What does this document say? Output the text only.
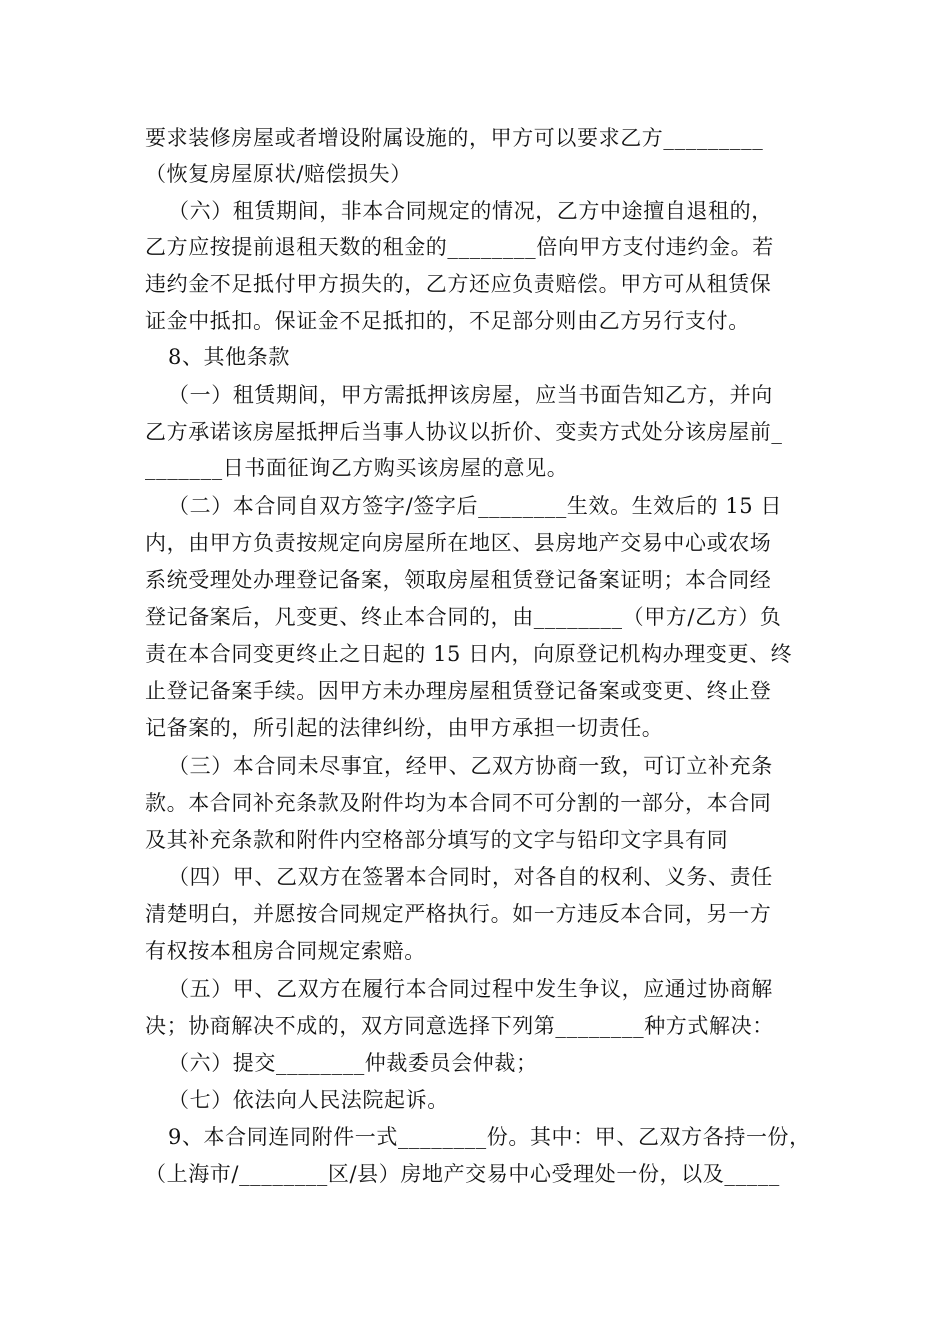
要求装修房屋或者增设附属设施的，甲方可以要求乙方_________
（恢复房屋原状/赔偿损失）
（六）租赁期间，非本合同规定的情况，乙方中途擅自退租的，
乙方应按提前退租天数的租金的________倍向甲方支付违约金。若
违约金不足抵付甲方损失的，乙方还应负责赔偿。甲方可从租赁保
证金中抵扣。保证金不足抵扣的，不足部分则由乙方另行支付。
8、其他条款
（一）租赁期间，甲方需抵押该房屋，应当书面告知乙方，并向
乙方承诺该房屋抵押后当事人协议以折价、变卖方式处分该房屋前_
_______日书面征询乙方购买该房屋的意见。
（二）本合同自双方签字/签字后________生效。生效后的 15 日
内，由甲方负责按规定向房屋所在地区、县房地产交易中心或农场
系统受理处办理登记备案，领取房屋租赁登记备案证明；本合同经
登记备案后，凡变更、终止本合同的，由________（甲方/乙方）负
责在本合同变更终止之日起的 15 日内，向原登记机构办理变更、终
止登记备案手续。因甲方未办理房屋租赁登记备案或变更、终止登
记备案的，所引起的法律纠纷，由甲方承担一切责任。
（三）本合同未尽事宜，经甲、乙双方协商一致，可订立补充条
款。本合同补充条款及附件均为本合同不可分割的一部分，本合同
及其补充条款和附件内空格部分填写的文字与铅印文字具有同
（四）甲、乙双方在签署本合同时，对各自的权利、义务、责任
清楚明白，并愿按合同规定严格执行。如一方违反本合同，另一方
有权按本租房合同规定索赔。
（五）甲、乙双方在履行本合同过程中发生争议，应通过协商解
决；协商解决不成的，双方同意选择下列第________种方式解决：
（六）提交________仲裁委员会仲裁；
（七）依法向人民法院起诉。
9、本合同连同附件一式________份。其中：甲、乙双方各持一份，
（上海市/________区/县）房地产交易中心受理处一份，以及_____
